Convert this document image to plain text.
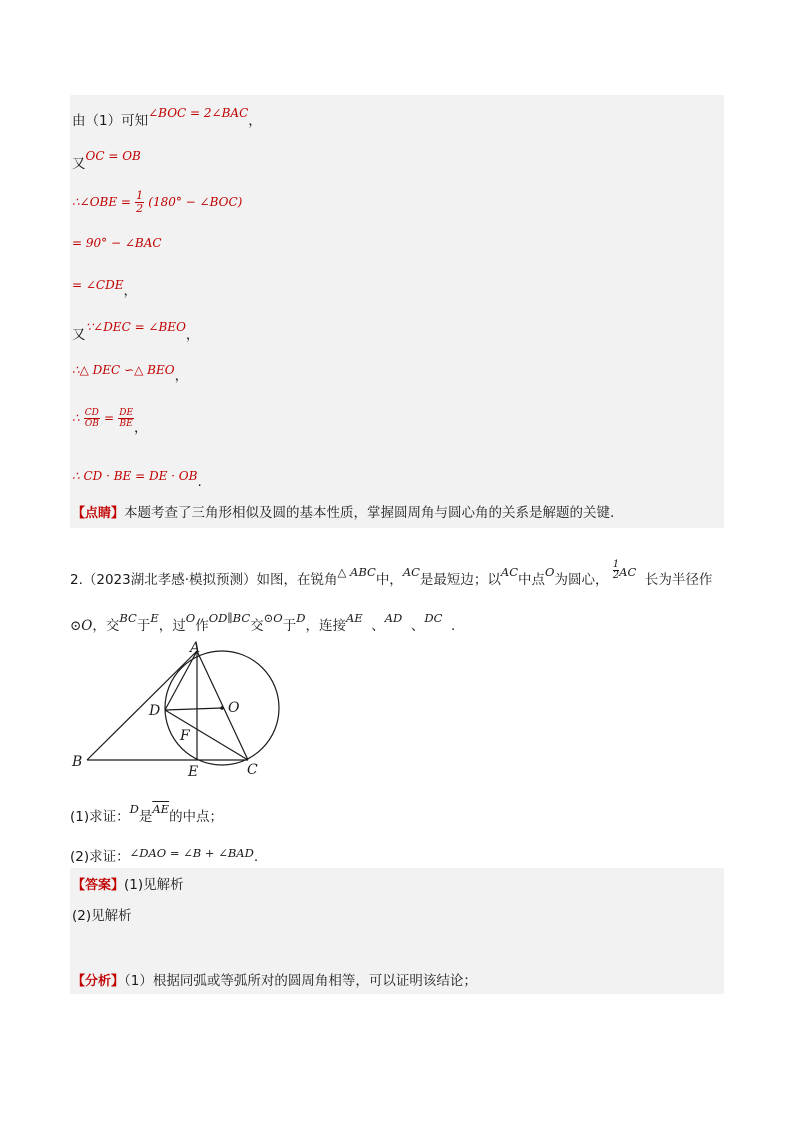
由（1）可知∠BOC = 2∠BAC，
又OC = OB
∴∠OBE = $\frac{1}{2} (180^\circ$ − ∠BOC)
= 90° − ∠BAC
= ∠CDE，
又∵∠DEC = ∠BEO，
∴△ DEC ∽△ BEO，
∴ $\frac{CD}{OB} = \frac{DE}{BE}$ ，
∴ CD · BE = DE · OB.
【点睛】本题考查了三角形相似及圆的基本性质，掌握圆周角与圆心角的关系是解题的关键.
2.（2023湖北孝感·模拟预测）如图，在锐角△ ABC中，AC是最短边；以AC中点O为圆心， $\frac{1}{2}$ AC 长为半径作
⊙O，交BC于E，过O作OD∥BC交⊙O于D，连接AE 、AD 、DC .
A
B	C
D
E
F
O
(1)求证：D是$\overline{AE}$的中点；
(2)求证：∠DAO = ∠B + ∠BAD.
【答案】(1)见解析
(2)见解析
【分析】（1）根据同弧或等弧所对的圆周角相等，可以证明该结论；
